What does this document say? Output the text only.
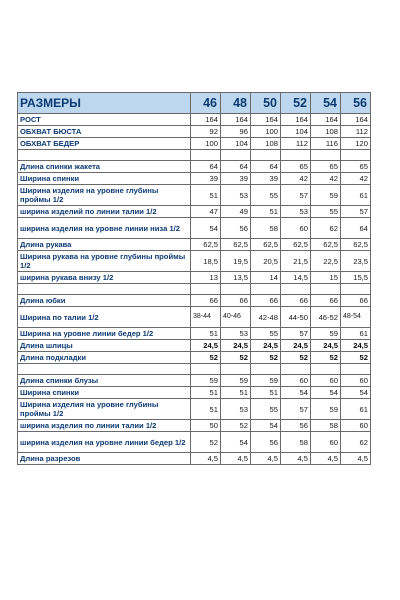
РАЗМЕРЫ	46	48	50	52	54	56
РОСТ	164	164	164	164	164	164
ОБХВАТ БЮСТА	92	96	100	104	108	112
ОБХВАТ БЕДЕР	100	104	108	112	116	120

Длина спинки жакета	64	64	64	65	65	65
Ширина спинки	39	39	39	42	42	42
Ширина изделия на уровне глубины проймы 1/2	51	53	55	57	59	61
ширина изделий по линии талии 1/2	47	49	51	53	55	57
ширина изделия на уровне линии низа 1/2	54	56	58	60	62	64
Длина рукава	62,5	62,5	62,5	62,5	62,5	62,5
Ширина рукава на уровне глубины проймы 1/2	18,5	19,5	20,5	21,5	22,5	23,5
ширина рукава внизу 1/2	13	13,5	14	14,5	15	15,5

Длина юбки	66	66	66	66	66	66
Ширина по талии 1/2	38-44	40-46	42-48	44-50	46-52	48-54
Ширина на уровне линии бедер 1/2	51	53	55	57	59	61
Длина шлицы	24,5	24,5	24,5	24,5	24,5	24,5
Длина подкладки	52	52	52	52	52	52

Длина спинки блузы	59	59	59	60	60	60
Ширина спинки	51	51	51	54	54	54
Ширина изделия на уровне глубины проймы 1/2	51	53	55	57	59	61
ширина изделия по линии талии 1/2	50	52	54	56	58	60
ширина изделия на уровне линии бедер 1/2	52	54	56	58	60	62
Длина разрезов	4,5	4,5	4,5	4,5	4,5	4,5
